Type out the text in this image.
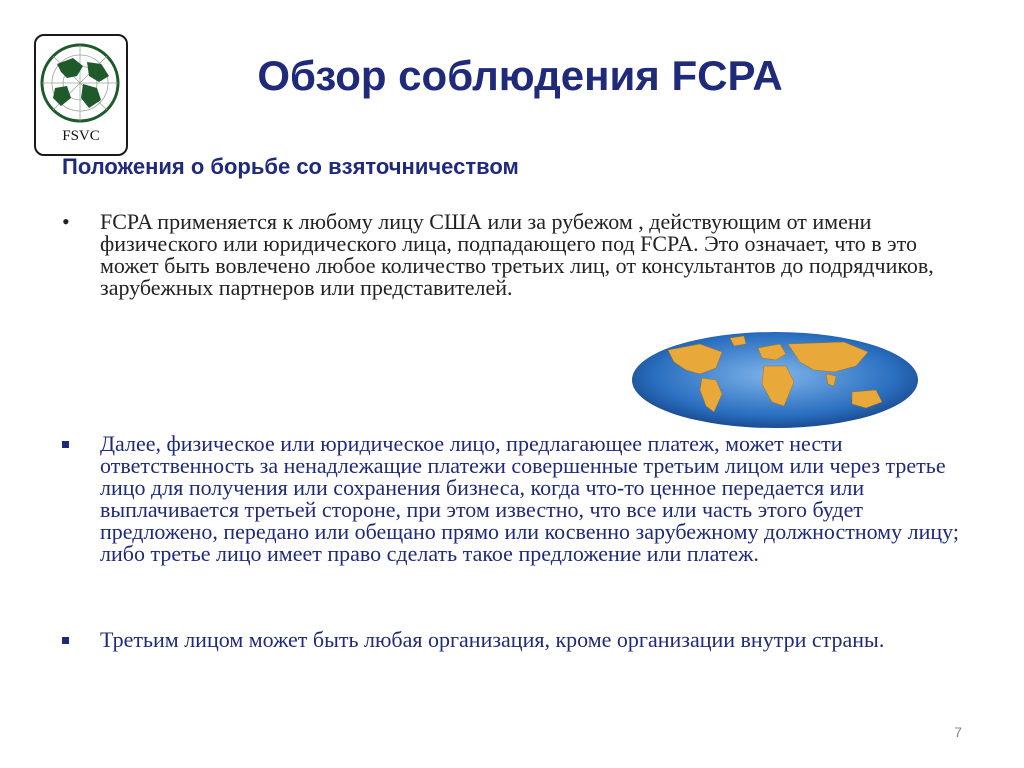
FSVC
Обзор соблюдения FCPA
Положения о борьбе со взяточничеством
•	FCPA применяется к любому лицу США или за рубежом , действующим от имени физического или юридического лица, подпадающего под FCPA. Это означает, что в это может быть вовлечено любое количество третьих лиц, от консультантов до подрядчиков, зарубежных партнеров или представителей.
Далее, физическое или юридическое лицо, предлагающее платеж, может нести ответственность за ненадлежащие платежи совершенные третьим лицом или через третье лицо для получения или сохранения бизнеса, когда что-то ценное передается или выплачивается третьей стороне, при этом известно, что все или часть этого будет предложено, передано или обещано прямо или косвенно зарубежному должностному лицу; либо третье лицо имеет право сделать такое предложение или платеж.
Третьим лицом может быть любая организация, кроме организации внутри страны.
7
